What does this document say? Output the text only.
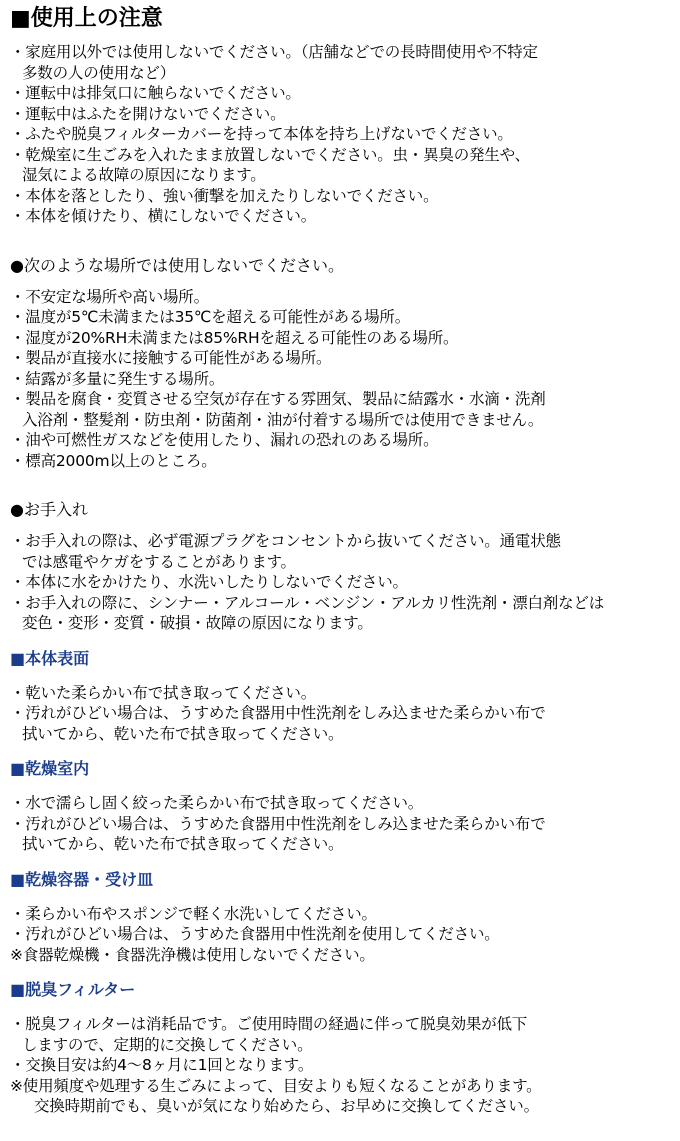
■使用上の注意
・家庭用以外では使用しないでください。（店舗などでの長時間使用や不特定
多数の人の使用など）
・運転中は排気口に触らないでください。
・運転中はふたを開けないでください。
・ふたや脱臭フィルターカバーを持って本体を持ち上げないでください。
・乾燥室に生ごみを入れたまま放置しないでください。虫・異臭の発生や、
湿気による故障の原因になります。
・本体を落としたり、強い衝撃を加えたりしないでください。
・本体を傾けたり、横にしないでください。
●次のような場所では使用しないでください。
・不安定な場所や高い場所。
・温度が5℃未満または35℃を超える可能性がある場所。
・湿度が20%RH未満または85%RHを超える可能性のある場所。
・製品が直接水に接触する可能性がある場所。
・結露が多量に発生する場所。
・製品を腐食・変質させる空気が存在する雰囲気、製品に結露水・水滴・洗剤
入浴剤・整髪剤・防虫剤・防菌剤・油が付着する場所では使用できません。
・油や可燃性ガスなどを使用したり、漏れの恐れのある場所。
・標高2000m以上のところ。
●お手入れ
・お手入れの際は、必ず電源プラグをコンセントから抜いてください。通電状態
では感電やケガをすることがあります。
・本体に水をかけたり、水洗いしたりしないでください。
・お手入れの際に、シンナー・アルコール・ベンジン・アルカリ性洗剤・漂白剤などは
変色・変形・変質・破損・故障の原因になります。
■本体表面
・乾いた柔らかい布で拭き取ってください。
・汚れがひどい場合は、うすめた食器用中性洗剤をしみ込ませた柔らかい布で
拭いてから、乾いた布で拭き取ってください。
■乾燥室内
・水で濡らし固く絞った柔らかい布で拭き取ってください。
・汚れがひどい場合は、うすめた食器用中性洗剤をしみ込ませた柔らかい布で
拭いてから、乾いた布で拭き取ってください。
■乾燥容器・受け皿
・柔らかい布やスポンジで軽く水洗いしてください。
・汚れがひどい場合は、うすめた食器用中性洗剤を使用してください。
※食器乾燥機・食器洗浄機は使用しないでください。
■脱臭フィルター
・脱臭フィルターは消耗品です。ご使用時間の経過に伴って脱臭効果が低下
しますので、定期的に交換してください。
・交換目安は約4～8ヶ月に1回となります。
※使用頻度や処理する生ごみによって、目安よりも短くなることがあります。
交換時期前でも、臭いが気になり始めたら、お早めに交換してください。
